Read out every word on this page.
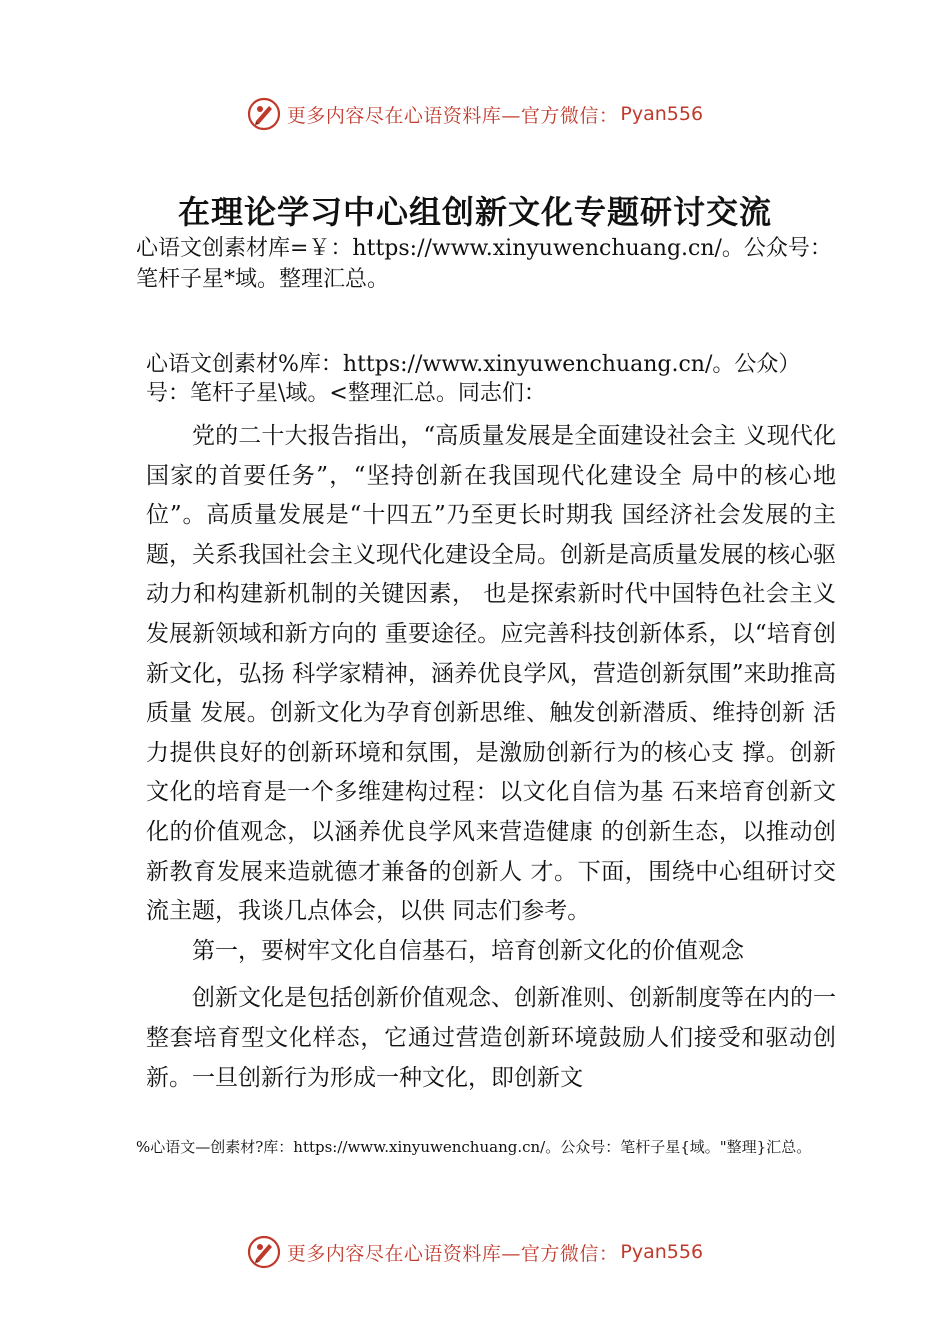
更多内容尽在心语资料库—官方微信： Pyan556
在理论学习中心组创新文化专题研讨交流

心语文创素材库=￥：https://www.xinyuwenchuang.cn/。公众号：笔杆子星*域。整理汇总。

心语文创素材%库：https://www.xinyuwenchuang.cn/。公众）号：笔杆子星\域。<整理汇总。同志们：

党的二十大报告指出，“高质量发展是全面建设社会主 义现代化国家的首要任务”，“坚持创新在我国现代化建设全 局中的核心地位”。高质量发展是“十四五”乃至更长时期我 国经济社会发展的主题，关系我国社会主义现代化建设全局。创新是高质量发展的核心驱动力和构建新机制的关键因素， 也是探索新时代中国特色社会主义发展新领域和新方向的 重要途径。应完善科技创新体系，以“培育创新文化，弘扬 科学家精神，涵养优良学风，营造创新氛围”来助推高质量 发展。创新文化为孕育创新思维、触发创新潜质、维持创新 活力提供良好的创新环境和氛围，是激励创新行为的核心支 撑。创新文化的培育是一个多维建构过程：以文化自信为基 石来培育创新文化的价值观念，以涵养优良学风来营造健康 的创新生态，以推动创新教育发展来造就德才兼备的创新人 才。下面，围绕中心组研讨交流主题，我谈几点体会，以供 同志们参考。

第一，要树牢文化自信基石，培育创新文化的价值观念

创新文化是包括创新价值观念、创新准则、创新制度等在内的一整套培育型文化样态，它通过营造创新环境鼓励人们接受和驱动创新。一旦创新行为形成一种文化，即创新文

%心语文—创素材?库：https://www.xinyuwenchuang.cn/。公众号：笔杆子星{域。"整理}汇总。

更多内容尽在心语资料库—官方微信： Pyan556
